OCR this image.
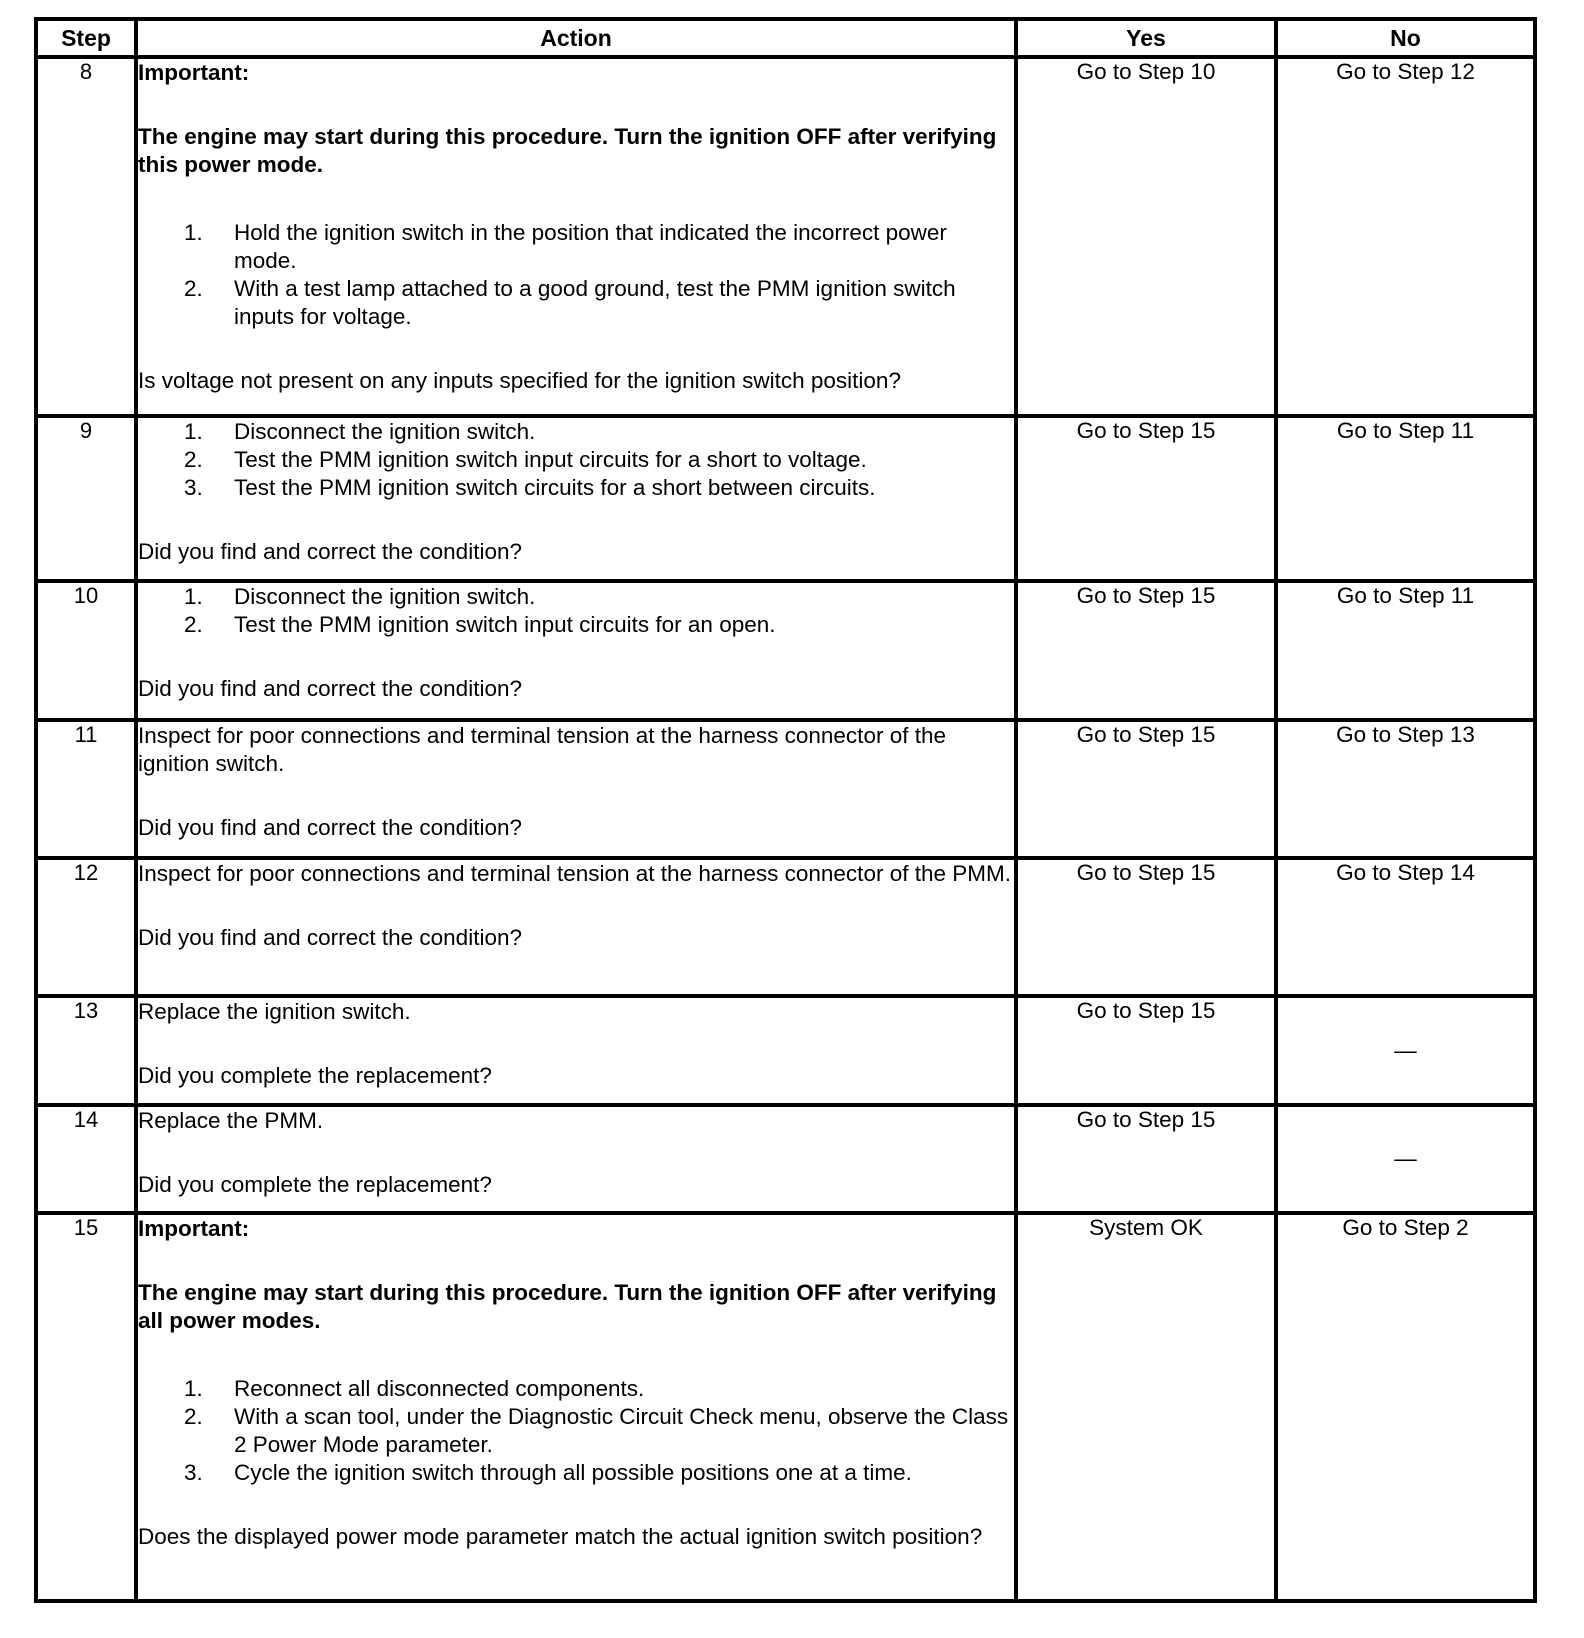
Step	Action	Yes	No
8	Important:
The engine may start during this procedure. Turn the ignition OFF after verifying this power mode.
1. Hold the ignition switch in the position that indicated the incorrect power mode.
2. With a test lamp attached to a good ground, test the PMM ignition switch inputs for voltage.
Is voltage not present on any inputs specified for the ignition switch position?
	Go to Step 10	Go to Step 12
9	1. Disconnect the ignition switch.
2. Test the PMM ignition switch input circuits for a short to voltage.
3. Test the PMM ignition switch circuits for a short between circuits.
Did you find and correct the condition?
	Go to Step 15	Go to Step 11
10	1. Disconnect the ignition switch.
2. Test the PMM ignition switch input circuits for an open.
Did you find and correct the condition?
	Go to Step 15	Go to Step 11
11	Inspect for poor connections and terminal tension at the harness connector of the ignition switch.
Did you find and correct the condition?	Go to Step 15	Go to Step 13
12	Inspect for poor connections and terminal tension at the harness connector of the PMM.
Did you find and correct the condition?	Go to Step 15	Go to Step 14
13	Replace the ignition switch.
Did you complete the replacement?	Go to Step 15	—
14	Replace the PMM.
Did you complete the replacement?	Go to Step 15	—
15	Important:
The engine may start during this procedure. Turn the ignition OFF after verifying all power modes.
1. Reconnect all disconnected components.
2. With a scan tool, under the Diagnostic Circuit Check menu, observe the Class 2 Power Mode parameter.
3. Cycle the ignition switch through all possible positions one at a time.
Does the displayed power mode parameter match the actual ignition switch position?
	System OK	Go to Step 2
